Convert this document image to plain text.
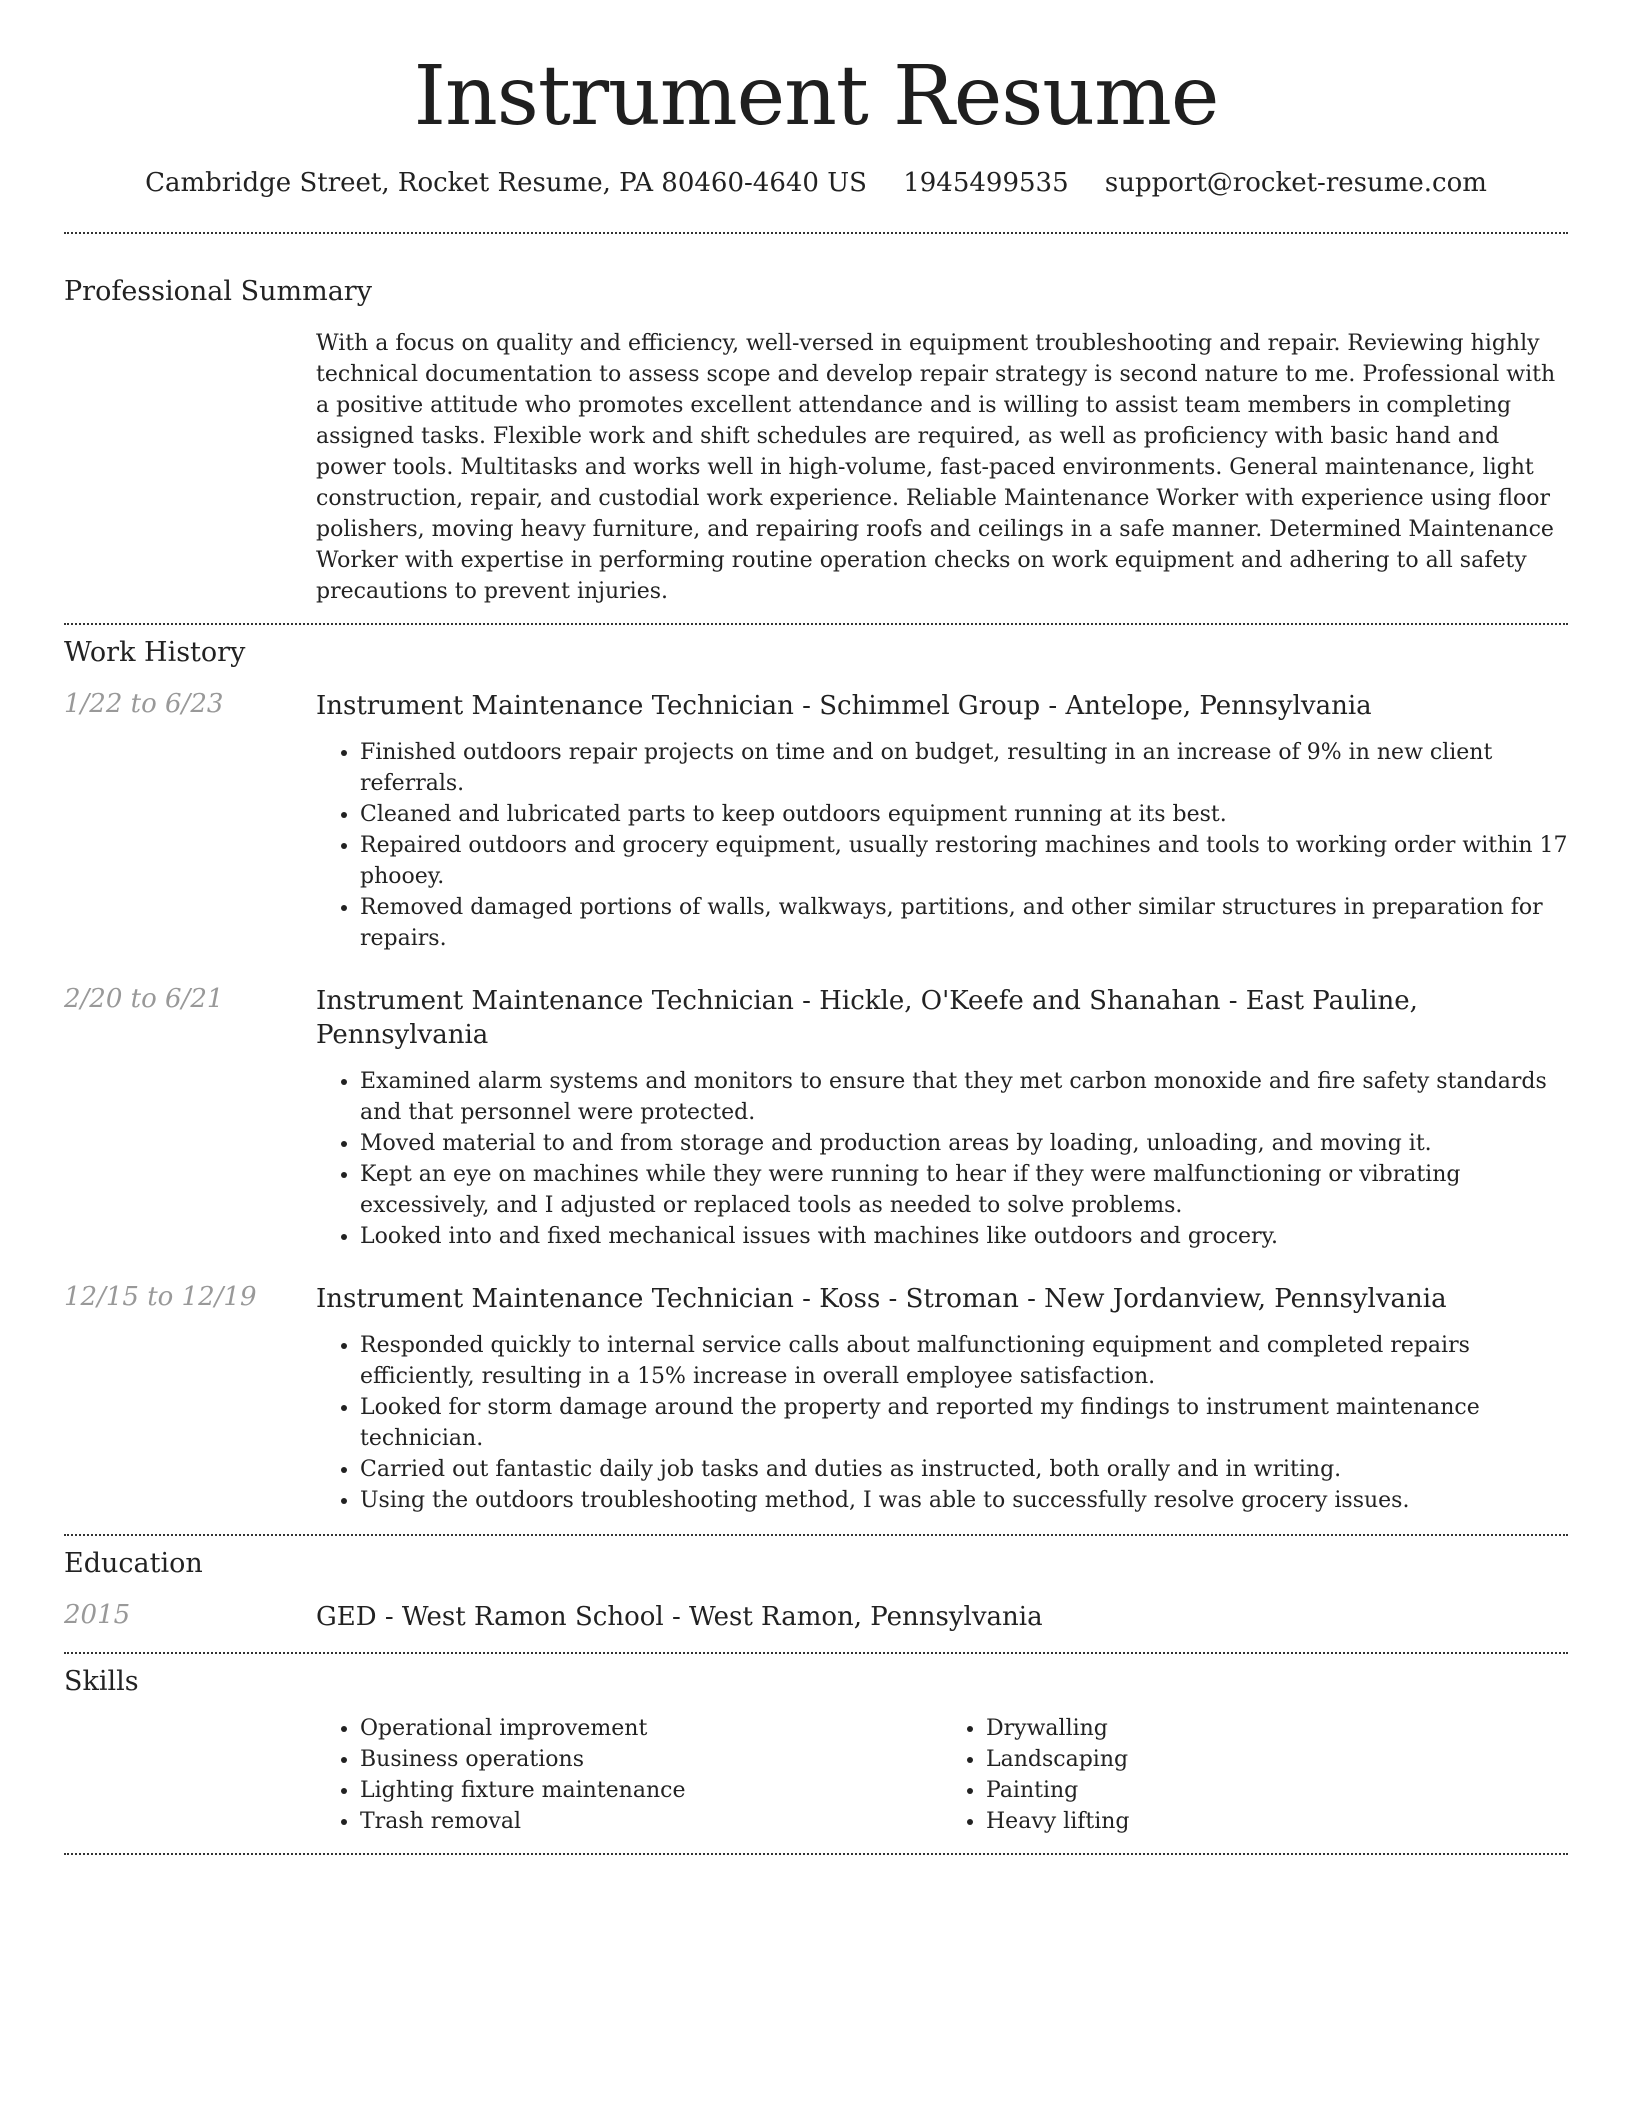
Instrument Resume
Cambridge Street, Rocket Resume, PA 80460-4640 US 1945499535 support@rocket-resume.com
Professional Summary
With a focus on quality and efficiency, well-versed in equipment troubleshooting and repair. Reviewing highly technical documentation to assess scope and develop repair strategy is second nature to me. Professional with a positive attitude who promotes excellent attendance and is willing to assist team members in completing assigned tasks. Flexible work and shift schedules are required, as well as proficiency with basic hand and power tools. Multitasks and works well in high-volume, fast-paced environments. General maintenance, light construction, repair, and custodial work experience. Reliable Maintenance Worker with experience using floor polishers, moving heavy furniture, and repairing roofs and ceilings in a safe manner. Determined Maintenance Worker with expertise in performing routine operation checks on work equipment and adhering to all safety precautions to prevent injuries.
Work History
1/22 to 6/23	Instrument Maintenance Technician - Schimmel Group - Antelope, Pennsylvania
• Finished outdoors repair projects on time and on budget, resulting in an increase of 9% in new client referrals.
• Cleaned and lubricated parts to keep outdoors equipment running at its best.
• Repaired outdoors and grocery equipment, usually restoring machines and tools to working order within 17 phooey.
• Removed damaged portions of walls, walkways, partitions, and other similar structures in preparation for repairs.
2/20 to 6/21	Instrument Maintenance Technician - Hickle, O'Keefe and Shanahan - East Pauline, Pennsylvania
• Examined alarm systems and monitors to ensure that they met carbon monoxide and fire safety standards and that personnel were protected.
• Moved material to and from storage and production areas by loading, unloading, and moving it.
• Kept an eye on machines while they were running to hear if they were malfunctioning or vibrating excessively, and I adjusted or replaced tools as needed to solve problems.
• Looked into and fixed mechanical issues with machines like outdoors and grocery.
12/15 to 12/19	Instrument Maintenance Technician - Koss - Stroman - New Jordanview, Pennsylvania
• Responded quickly to internal service calls about malfunctioning equipment and completed repairs efficiently, resulting in a 15% increase in overall employee satisfaction.
• Looked for storm damage around the property and reported my findings to instrument maintenance technician.
• Carried out fantastic daily job tasks and duties as instructed, both orally and in writing.
• Using the outdoors troubleshooting method, I was able to successfully resolve grocery issues.
Education
2015	GED - West Ramon School - West Ramon, Pennsylvania
Skills
• Operational improvement
• Business operations
• Lighting fixture maintenance
• Trash removal
• Drywalling
• Landscaping
• Painting
• Heavy lifting
